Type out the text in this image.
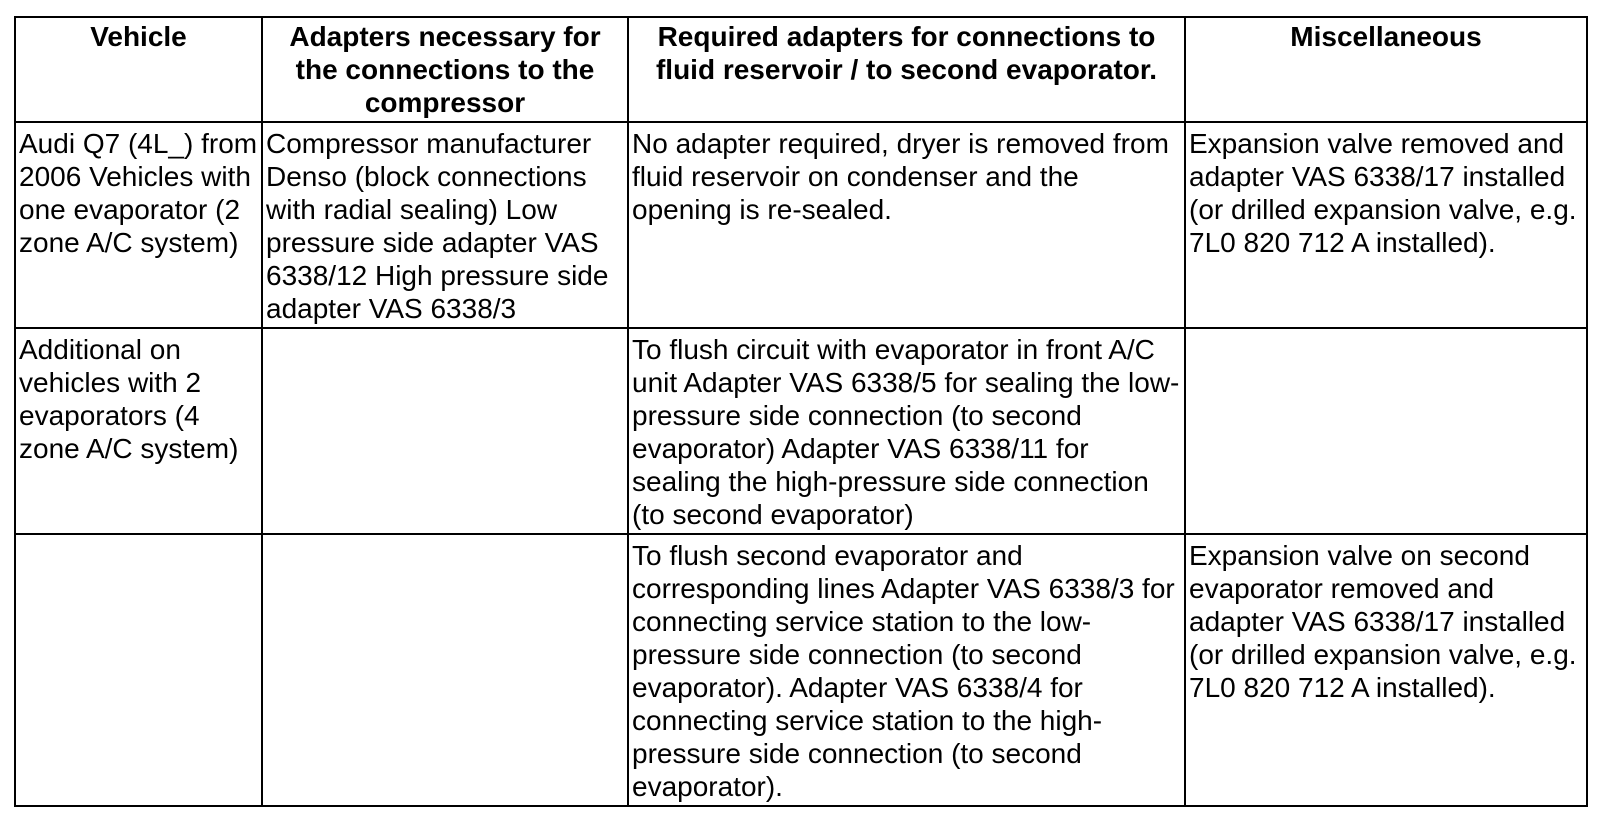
Vehicle	Adapters necessary for the connections to the compressor	Required adapters for connections to fluid reservoir / to second evaporator.	Miscellaneous
Audi Q7 (4L_) from 2006 Vehicles with one evaporator (2 zone A/C system)	Compressor manufacturer Denso (block connections with radial sealing) Low pressure side adapter VAS 6338/12 High pressure side adapter VAS 6338/3	No adapter required, dryer is removed from fluid reservoir on condenser and the opening is re-sealed.	Expansion valve removed and adapter VAS 6338/17 installed (or drilled expansion valve, e.g. 7L0 820 712 A installed).
Additional on vehicles with 2 evaporators (4 zone A/C system)		To flush circuit with evaporator in front A/C unit Adapter VAS 6338/5 for sealing the low-pressure side connection (to second evaporator) Adapter VAS 6338/11 for sealing the high-pressure side connection (to second evaporator)	
		To flush second evaporator and corresponding lines Adapter VAS 6338/3 for connecting service station to the low-pressure side connection (to second evaporator). Adapter VAS 6338/4 for connecting service station to the high-pressure side connection (to second evaporator).	Expansion valve on second evaporator removed and adapter VAS 6338/17 installed (or drilled expansion valve, e.g. 7L0 820 712 A installed).
